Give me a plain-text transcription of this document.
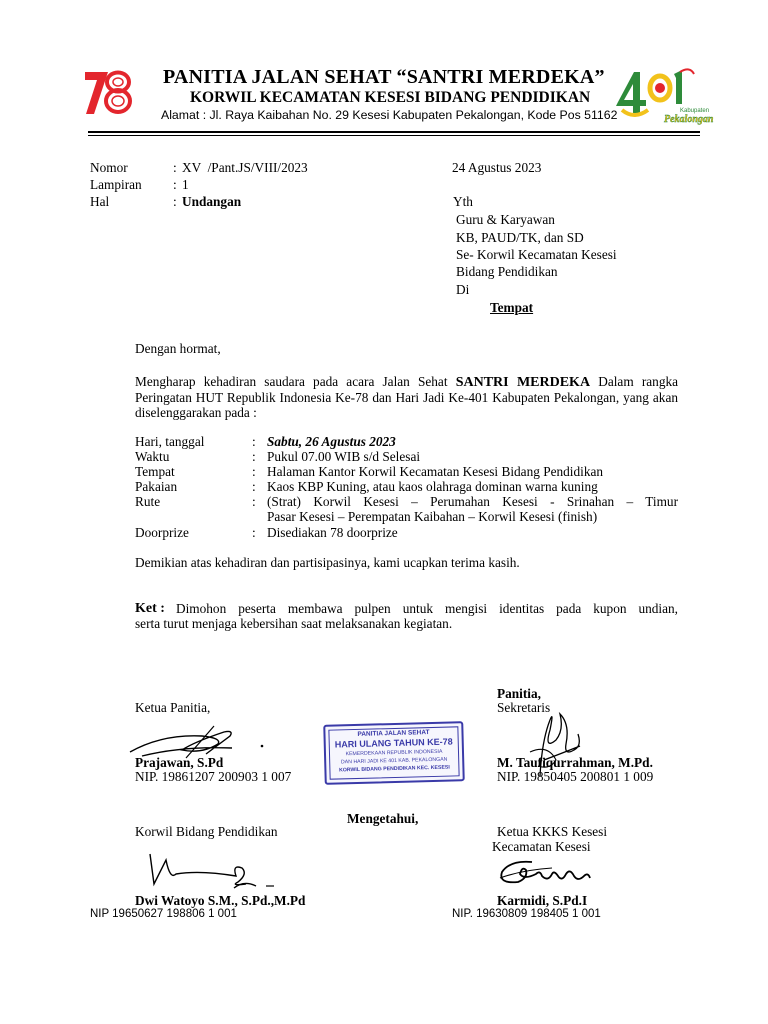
PANITIA JALAN SEHAT “SANTRI MERDEKA”
KORWIL KECAMATAN KESESI BIDANG PENDIDIKAN
Alamat : Jl. Raya Kaibahan No. 29 Kesesi Kabupaten Pekalongan, Kode Pos 51162	Kabupaten
Pekalongan
Nomor	: XV  /Pant.JS/VIII/2023
Lampiran : 1
Hal	: Undangan
24 Agustus 2023
Yth
Guru & Karyawan
KB, PAUD/TK, dan SD
Se- Korwil Kecamatan Kesesi
Bidang Pendidikan
Di
Tempat
Dengan hormat,
Mengharap kehadiran saudara pada acara Jalan Sehat SANTRI MERDEKA Dalam rangka Peringatan HUT Republik Indonesia Ke-78 dan Hari Jadi Ke-401 Kabupaten Pekalongan, yang akan diselenggarakan pada :
Hari, tanggal	: Sabtu, 26 Agustus 2023
Waktu	: Pukul 07.00 WIB s/d Selesai
Tempat	: Halaman Kantor Korwil Kecamatan Kesesi Bidang Pendidikan
Pakaian	: Kaos KBP Kuning, atau kaos olahraga dominan warna kuning
Rute	: (Strat) Korwil Kesesi – Perumahan Kesesi - Srinahan – Timur
Pasar Kesesi – Perempatan Kaibahan – Korwil Kesesi (finish)
Doorprize	: Disediakan 78 doorprize
Demikian atas kehadiran dan partisipasinya, kami ucapkan terima kasih.
Ket : Dimohon peserta membawa pulpen untuk mengisi identitas pada kupon undian,
serta turut menjaga kebersihan saat melaksanakan kegiatan.
Panitia,
Ketua Panitia,	Sekretaris
Prajawan, S.Pd
NIP. 19861207 200903 1 007
PANITIA JALAN SEHAT
HARI ULANG TAHUN KE-78
KEMERDEKAAN REPUBLIK INDONESIA
DAN HARI JADI KE 401 KAB. PEKALONGAN
KORWIL BIDANG PENDIDIKAN KEC. KESESI	M. Taufiqurrahman, M.Pd.
NIP. 19850405 200801 1 009
Mengetahui,
Korwil Bidang Pendidikan	Ketua KKKS Kesesi
Kecamatan Kesesi
Dwi Watoyo S.M., S.Pd.,M.Pd	Karmidi, S.Pd.I
NIP 19650627 198806 1 001	NIP. 19630809 198405 1 001
